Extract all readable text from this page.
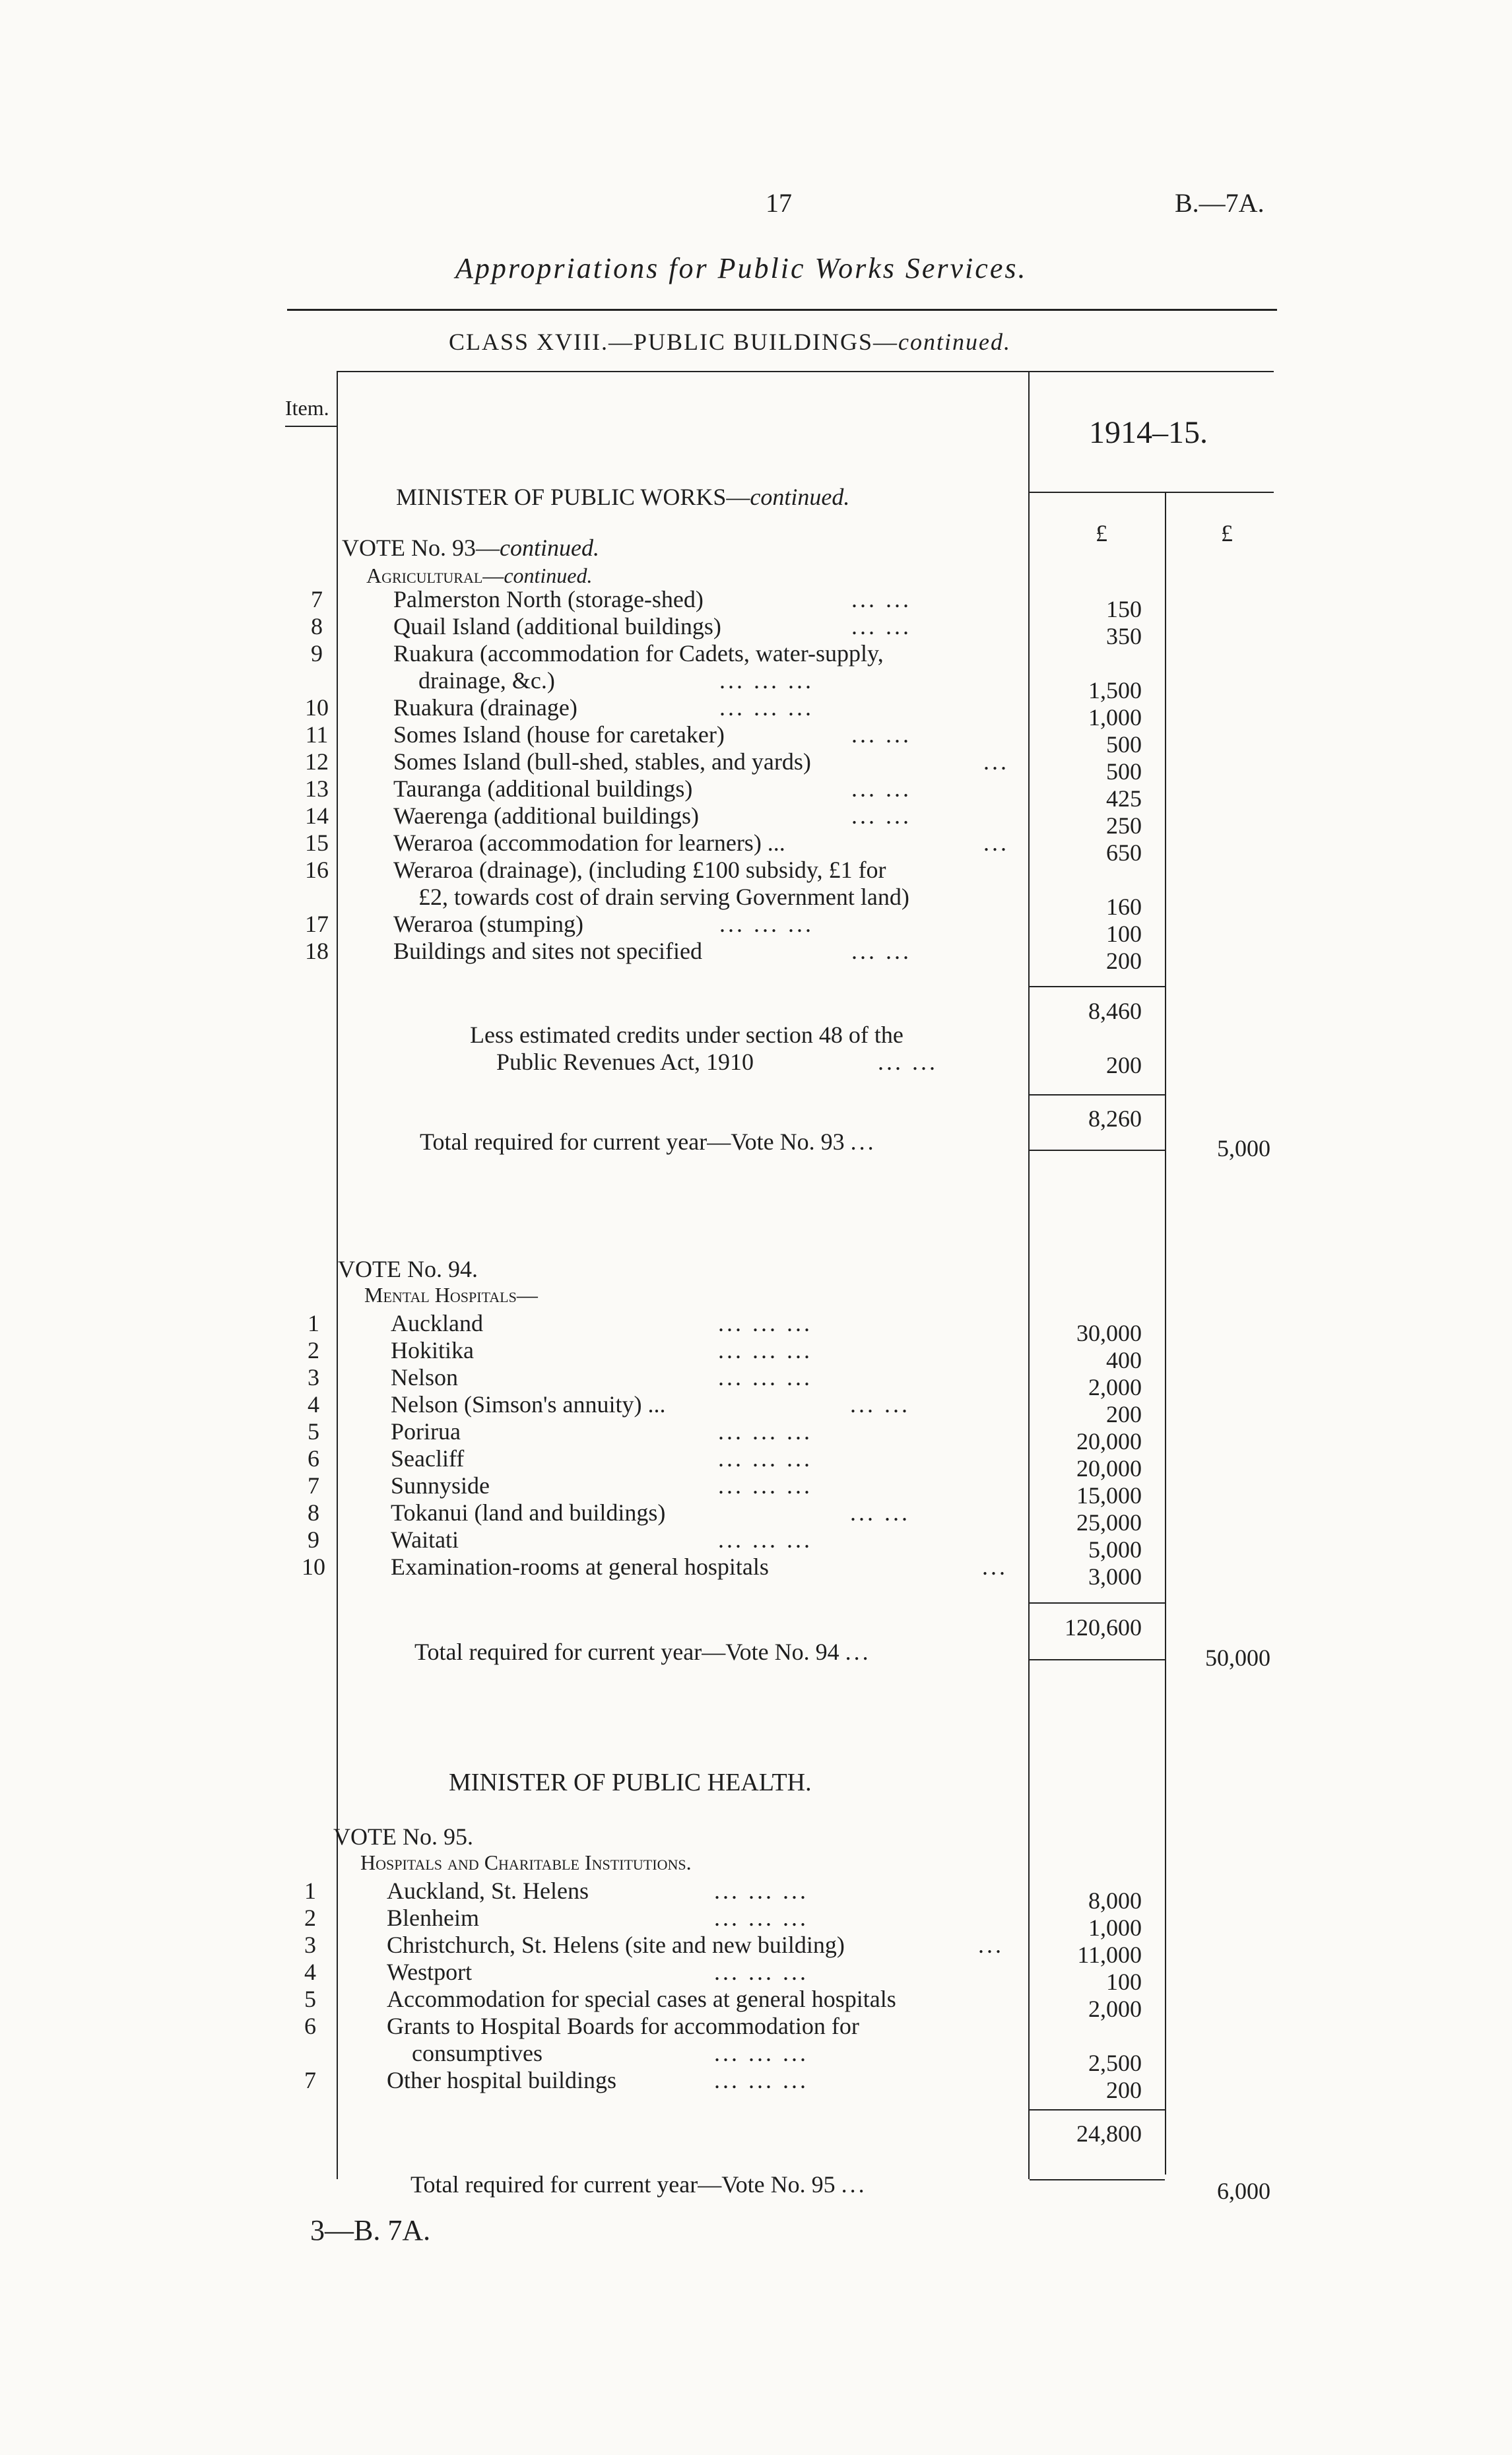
17	B.—7A.
Appropriations for Public Works Services.
CLASS XVIII.—PUBLIC BUILDINGS—continued.
Item.
1914–15.
£	£
MINISTER OF PUBLIC WORKS—continued.
VOTE No. 93—continued.
Agricultural—continued.
7	Palmerston North (storage-shed)	... ...	150
8	Quail Island (additional buildings)	... ...	350
9	Ruakura (accommodation for Cadets, water-supply,
drainage, &c.)	... ... ...	1,500
10	Ruakura (drainage)	... ... ...	1,000
11	Somes Island (house for caretaker)	... ...	500
12	Somes Island (bull-shed, stables, and yards)	...	500
13	Tauranga (additional buildings)	... ...	425
14	Waerenga (additional buildings)	... ...	250
15	Weraroa (accommodation for learners) ...	...	650
16	Weraroa (drainage), (including £100 subsidy, £1 for
£2, towards cost of drain serving Government land)	160
17	Weraroa (stumping)	... ... ...	100
18	Buildings and sites not specified	... ...	200
8,460
Less estimated credits under section 48 of the
Public Revenues Act, 1910	... ...	200
8,260
Total required for current year—Vote No. 93 ...	5,000
VOTE No. 94.
Mental Hospitals—
1	Auckland	... ... ...	30,000
2	Hokitika	... ... ...	400
3	Nelson	... ... ...	2,000
4	Nelson (Simson's annuity) ...	... ...	200
5	Porirua	... ... ...	20,000
6	Seacliff	... ... ...	20,000
7	Sunnyside	... ... ...	15,000
8	Tokanui (land and buildings)	... ...	25,000
9	Waitati	... ... ...	5,000
10	Examination-rooms at general hospitals	...	3,000
120,600
Total required for current year—Vote No. 94 ...	50,000
MINISTER OF PUBLIC HEALTH.
VOTE No. 95.
Hospitals and Charitable Institutions.
1	Auckland, St. Helens	... ... ...	8,000
2	Blenheim	... ... ...	1,000
3	Christchurch, St. Helens (site and new building)	...	11,000
4	Westport	... ... ...	100
5	Accommodation for special cases at general hospitals	2,000
6	Grants to Hospital Boards for accommodation for
consumptives	... ... ...	2,500
7	Other hospital buildings	... ... ...	200
24,800
Total required for current year—Vote No. 95 ...	6,000
3—B. 7A.
